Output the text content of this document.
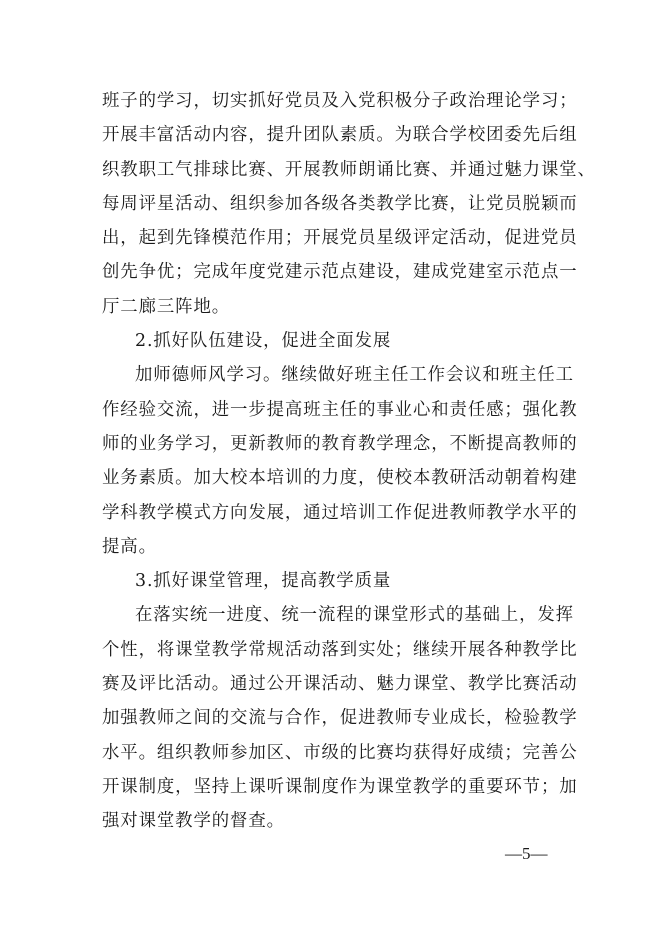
班子的学习，切实抓好党员及入党积极分子政治理论学习；
开展丰富活动内容，提升团队素质。为联合学校团委先后组
织教职工气排球比赛、开展教师朗诵比赛、并通过魅力课堂、
每周评星活动、组织参加各级各类教学比赛，让党员脱颖而
出，起到先锋模范作用；开展党员星级评定活动，促进党员
创先争优；完成年度党建示范点建设，建成党建室示范点一
厅二廊三阵地。
2.抓好队伍建设，促进全面发展
加师德师风学习。继续做好班主任工作会议和班主任工
作经验交流，进一步提高班主任的事业心和责任感；强化教
师的业务学习，更新教师的教育教学理念，不断提高教师的
业务素质。加大校本培训的力度，使校本教研活动朝着构建
学科教学模式方向发展，通过培训工作促进教师教学水平的
提高。
3.抓好课堂管理，提高教学质量
在落实统一进度、统一流程的课堂形式的基础上，发挥
个性，将课堂教学常规活动落到实处；继续开展各种教学比
赛及评比活动。通过公开课活动、魅力课堂、教学比赛活动
加强教师之间的交流与合作，促进教师专业成长，检验教学
水平。组织教师参加区、市级的比赛均获得好成绩；完善公
开课制度，坚持上课听课制度作为课堂教学的重要环节；加
强对课堂教学的督查。
—5—
